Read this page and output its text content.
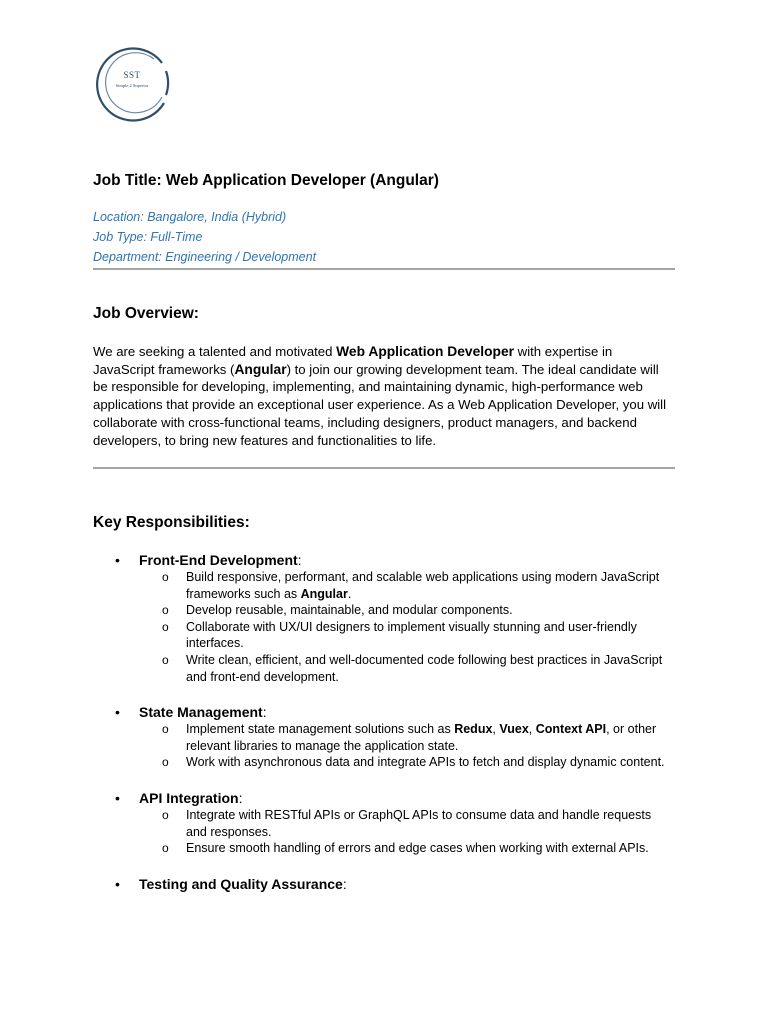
SST
Simple 2 Superior
Job Title: Web Application Developer (Angular)
Location: Bangalore, India (Hybrid)
Job Type: Full-Time
Department: Engineering / Development
Job Overview:

We are seeking a talented and motivated Web Application Developer with expertise in JavaScript frameworks (Angular) to join our growing development team. The ideal candidate will be responsible for developing, implementing, and maintaining dynamic, high-performance web applications that provide an exceptional user experience. As a Web Application Developer, you will collaborate with cross-functional teams, including designers, product managers, and backend developers, to bring new features and functionalities to life.

Key Responsibilities:
• Front-End Development:
o Build responsive, performant, and scalable web applications using modern JavaScript frameworks such as Angular.
o Develop reusable, maintainable, and modular components.
o Collaborate with UX/UI designers to implement visually stunning and user-friendly interfaces.
o Write clean, efficient, and well-documented code following best practices in JavaScript and front-end development.
• State Management:
o Implement state management solutions such as Redux, Vuex, Context API, or other relevant libraries to manage the application state.
o Work with asynchronous data and integrate APIs to fetch and display dynamic content.
• API Integration:
o Integrate with RESTful APIs or GraphQL APIs to consume data and handle requests and responses.
o Ensure smooth handling of errors and edge cases when working with external APIs.
• Testing and Quality Assurance:
